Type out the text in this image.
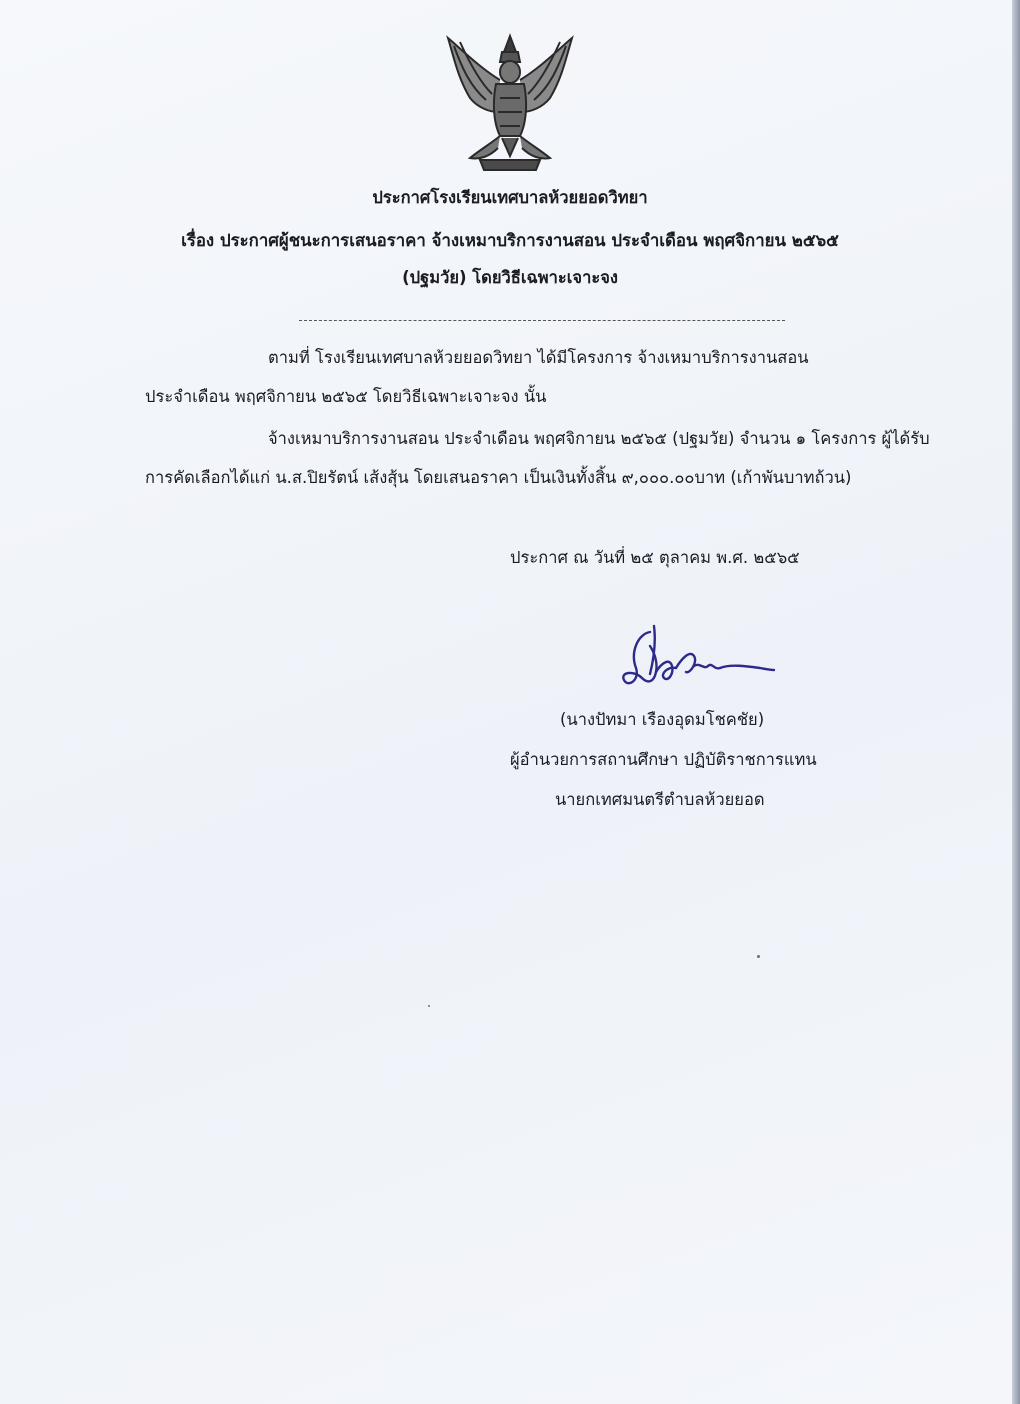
ประกาศโรงเรียนเทศบาลห้วยยอดวิทยา
เรื่อง ประกาศผู้ชนะการเสนอราคา จ้างเหมาบริการงานสอน ประจำเดือน พฤศจิกายน ๒๕๖๕
(ปฐมวัย) โดยวิธีเฉพาะเจาะจง
ตามที่ โรงเรียนเทศบาลห้วยยอดวิทยา ได้มีโครงการ จ้างเหมาบริการงานสอน
ประจำเดือน พฤศจิกายน ๒๕๖๕ โดยวิธีเฉพาะเจาะจง นั้น
จ้างเหมาบริการงานสอน ประจำเดือน พฤศจิกายน ๒๕๖๕ (ปฐมวัย) จำนวน ๑ โครงการ ผู้ได้รับ
การคัดเลือกได้แก่ น.ส.ปิยรัตน์ เส้งสุ้น โดยเสนอราคา เป็นเงินทั้งสิ้น ๙,๐๐๐.๐๐บาท (เก้าพันบาทถ้วน)
ประกาศ ณ วันที่ ๒๕ ตุลาคม พ.ศ. ๒๕๖๕
(นางปัทมา เรืองอุดมโชคชัย)
ผู้อำนวยการสถานศึกษา ปฏิบัติราชการแทน
นายกเทศมนตรีตำบลห้วยยอด
